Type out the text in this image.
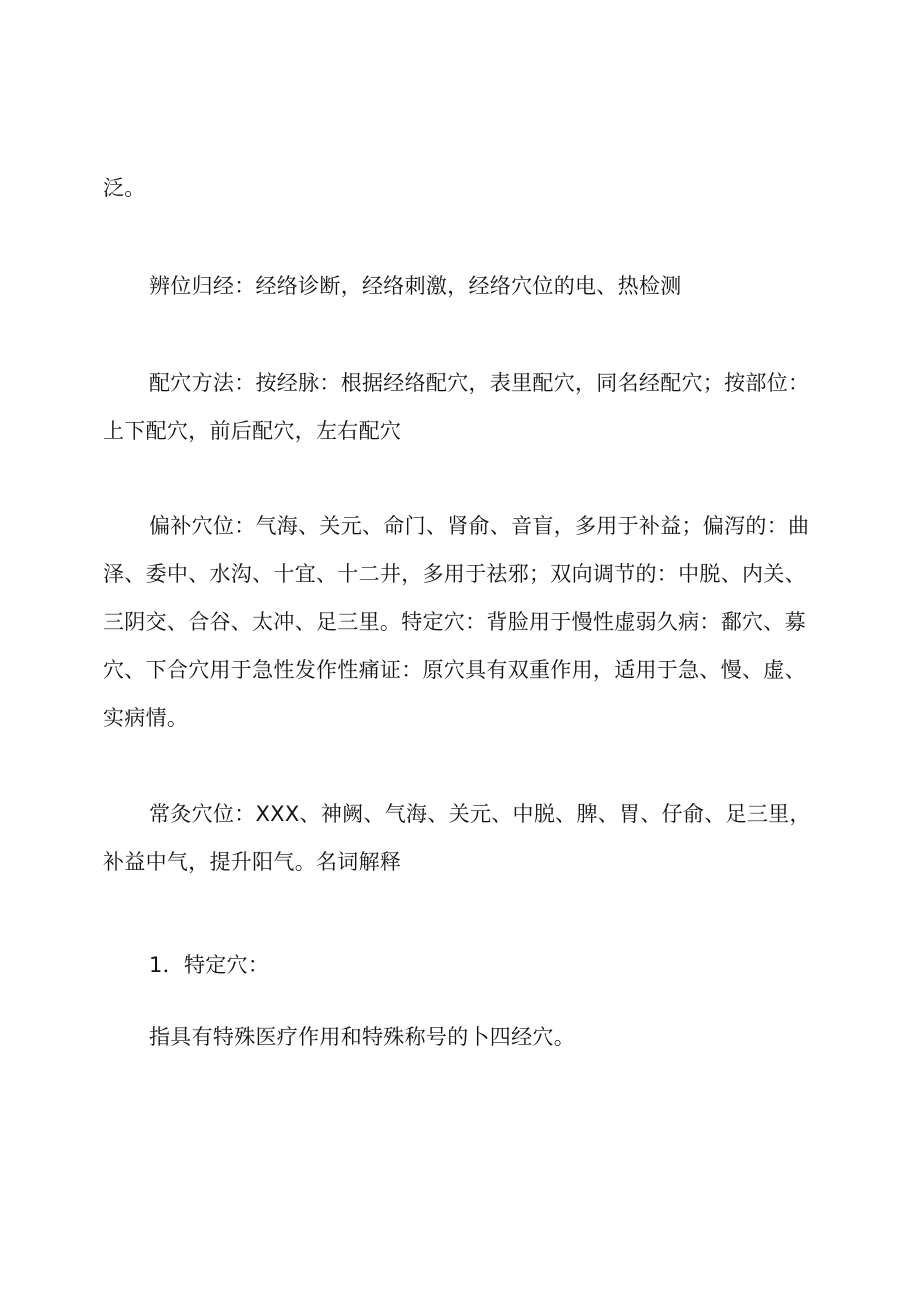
泛。

辨位归经：经络诊断，经络刺激，经络穴位的电、热检测

配穴方法：按经脉：根据经络配穴，表里配穴，同名经配穴；按部位：
上下配穴，前后配穴，左右配穴

偏补穴位：气海、关元、命门、肾俞、音盲，多用于补益；偏泻的：曲
泽、委中、水沟、十宜、十二井，多用于祛邪；双向调节的：中脱、内关、
三阴交、合谷、太冲、足三里。特定穴：背脸用于慢性虚弱久病：鄱穴、募
穴、下合穴用于急性发作性痛证：原穴具有双重作用，适用于急、慢、虚、
实病情。

常灸穴位：XXX、神阙、气海、关元、中脱、脾、胃、仔俞、足三里，
补益中气，提升阳气。名词解释

1．特定穴：

指具有特殊医疗作用和特殊称号的卜四经穴。
